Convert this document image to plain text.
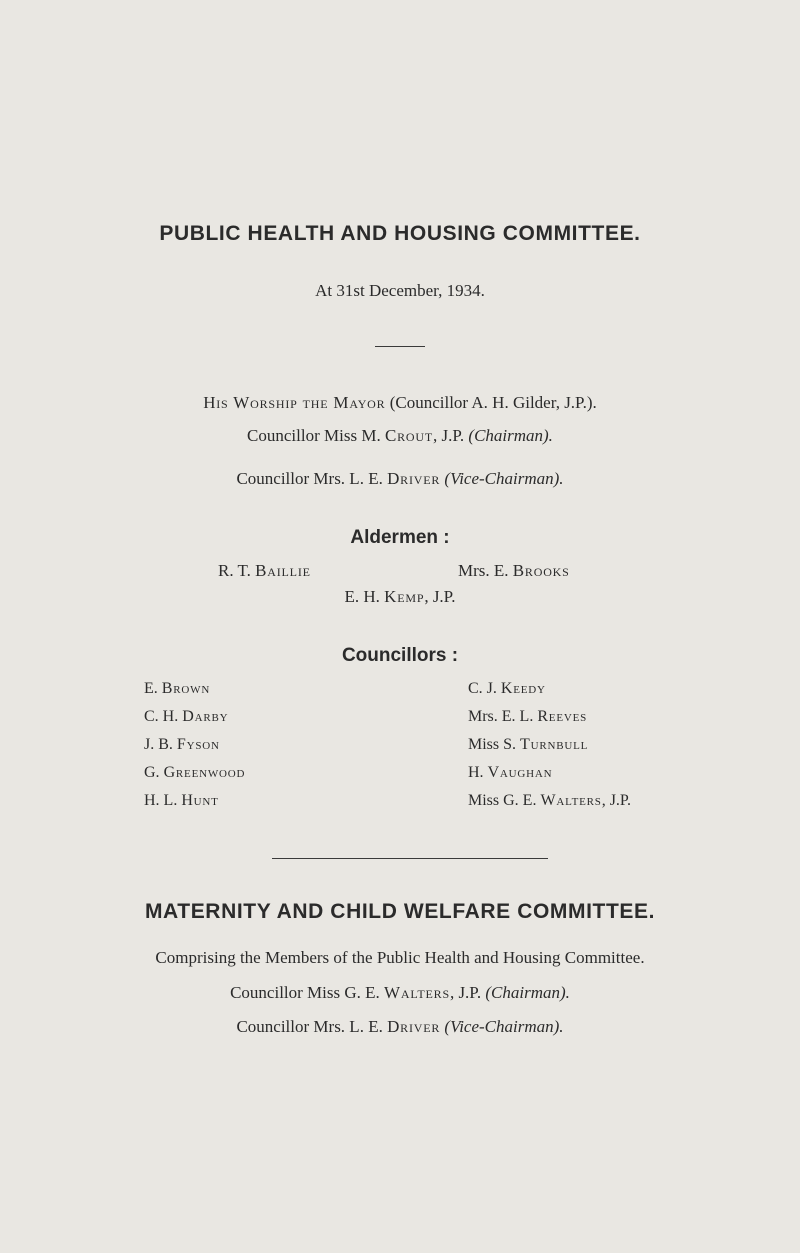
PUBLIC HEALTH AND HOUSING COMMITTEE.
At 31st December, 1934.
His Worship the Mayor (Councillor A. H. Gilder, J.P.).
Councillor Miss M. Crout, J.P. (Chairman).
Councillor Mrs. L. E. Driver (Vice-Chairman).
Aldermen :
R. T. Baillie	Mrs. E. Brooks
E. H. Kemp, J.P.
Councillors :
E. Brown
C. H. Darby
J. B. Fyson
G. Greenwood
H. L. Hunt
C. J. Keedy
Mrs. E. L. Reeves
Miss S. Turnbull
H. Vaughan
Miss G. E. Walters, J.P.
MATERNITY AND CHILD WELFARE COMMITTEE.
Comprising the Members of the Public Health and Housing Committee.
Councillor Miss G. E. Walters, J.P. (Chairman).
Councillor Mrs. L. E. Driver (Vice-Chairman).
